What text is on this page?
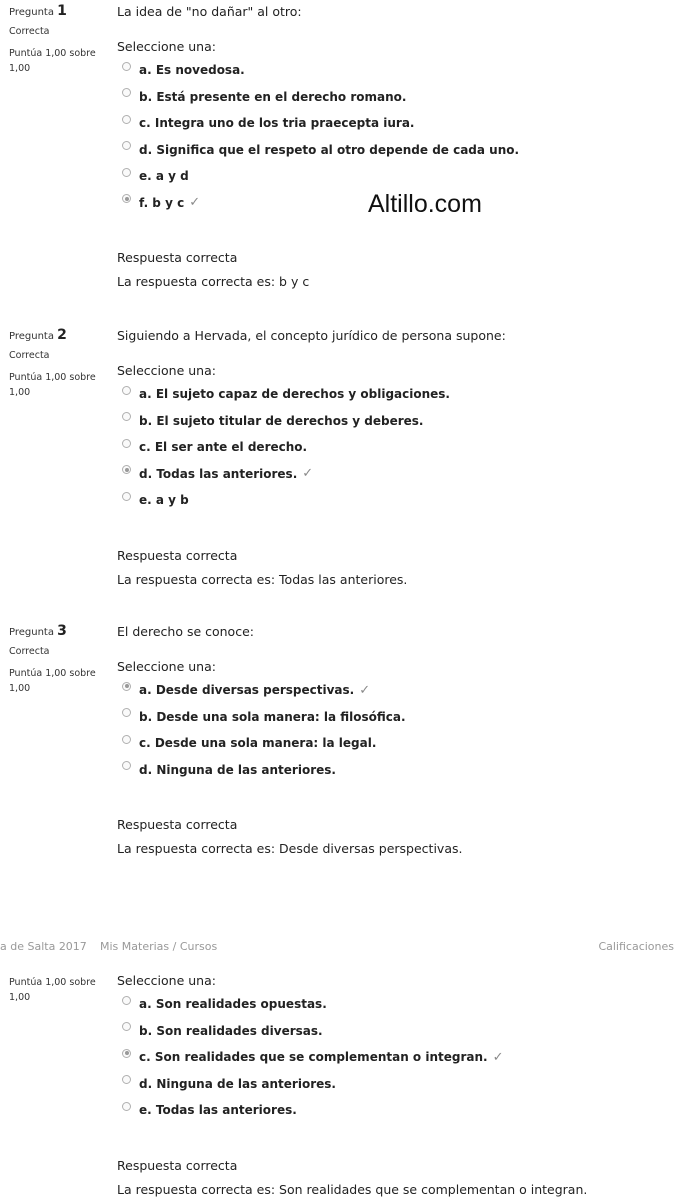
Pregunta 1
Correcta
Puntúa 1,00 sobre 1,00
La idea de "no dañar" al otro:
Seleccione una:
a. Es novedosa.
b. Está presente en el derecho romano.
c. Integra uno de los tria praecepta iura.
d. Significa que el respeto al otro depende de cada uno.
e. a y d
f. b y c ✓
Respuesta correcta
La respuesta correcta es: b y c
Altillo.com
Pregunta 2
Correcta
Puntúa 1,00 sobre 1,00
Siguiendo a Hervada, el concepto jurídico de persona supone:
Seleccione una:
a. El sujeto capaz de derechos y obligaciones.
b. El sujeto titular de derechos y deberes.
c. El ser ante el derecho.
d. Todas las anteriores. ✓
e. a y b
Respuesta correcta
La respuesta correcta es: Todas las anteriores.
Pregunta 3
Correcta
Puntúa 1,00 sobre 1,00
El derecho se conoce:
Seleccione una:
a. Desde diversas perspectivas. ✓
b. Desde una sola manera: la filosófica.
c. Desde una sola manera: la legal.
d. Ninguna de las anteriores.
Respuesta correcta
La respuesta correcta es: Desde diversas perspectivas.
a de Salta 2017 Mis Materias / Cursos	Calificaciones
Puntúa 1,00 sobre 1,00
Seleccione una:
a. Son realidades opuestas.
b. Son realidades diversas.
c. Son realidades que se complementan o integran. ✓
d. Ninguna de las anteriores.
e. Todas las anteriores.
Respuesta correcta
La respuesta correcta es: Son realidades que se complementan o integran.
